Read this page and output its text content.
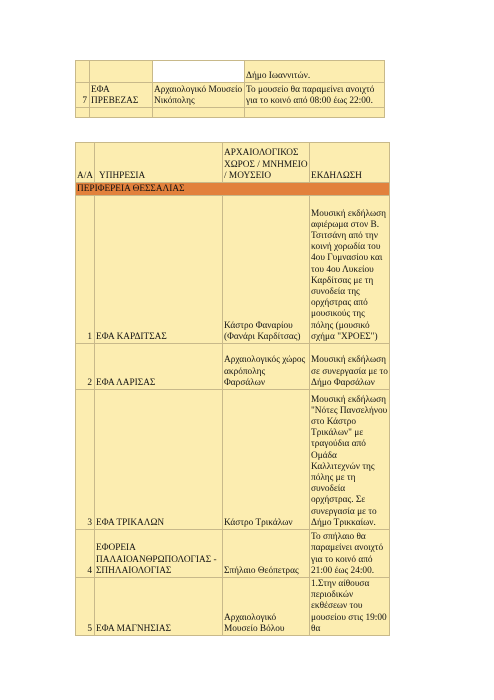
			Δήμο Ιωαννιτών.
7	ΕΦΑ ΠΡΕΒΕΖΑΣ	Αρχαιολογικό Μουσείο Νικόπολης	Το μουσείο θα παραμείνει ανοιχτό για το κοινό από 08:00 έως 22:00.

Α/Α	ΥΠΗΡΕΣΙΑ	ΑΡΧΑΙΟΛΟΓΙΚΟΣ ΧΩΡΟΣ / ΜΝΗΜΕΙΟ / ΜΟΥΣΕΙΟ	ΕΚΔΗΛΩΣΗ
ΠΕΡΙΦΕΡΕΙΑ ΘΕΣΣΑΛΙΑΣ			
1	ΕΦΑ ΚΑΡΔΙΤΣΑΣ	Κάστρο Φαναρίου (Φανάρι Καρδίτσας)	Μουσική εκδήλωση αφιέρωμα στον Β. Τσιτσάνη από την κοινή χορωδία του 4ου Γυμνασίου και του 4ου Λυκείου Καρδίτσας με τη συνοδεία της ορχήστρας από μουσικούς της πόλης (μουσικό σχήμα "ΧΡΟΕΣ")
2	ΕΦΑ ΛΑΡΙΣΑΣ	Αρχαιολογικός χώρος ακρόπολης Φαρσάλων	Μουσική εκδήλωση σε συνεργασία με το Δήμο Φαρσάλων
3	ΕΦΑ ΤΡΙΚΑΛΩΝ	Κάστρο Τρικάλων	Μουσική εκδήλωση "Νότες Πανσελήνου στο Κάστρο Τρικάλων" με τραγούδια από Ομάδα Καλλιτεχνών της πόλης με τη συνοδεία ορχήστρας. Σε συνεργασία με το Δήμο Τρικκαίων.
4	ΕΦΟΡΕΙΑ ΠΑΛΑΙΟΑΝΘΡΩΠΟΛΟΓΙΑΣ - ΣΠΗΛΑΙΟΛΟΓΙΑΣ	Σπήλαιο Θεόπετρας	Το σπήλαιο θα παραμείνει ανοιχτό για το κοινό από 21:00 έως 24:00.
5	ΕΦΑ ΜΑΓΝΗΣΙΑΣ	Αρχαιολογικό Μουσείο Βόλου	1.Στην αίθουσα περιοδικών εκθέσεων του μουσείου στις 19:00 θα
